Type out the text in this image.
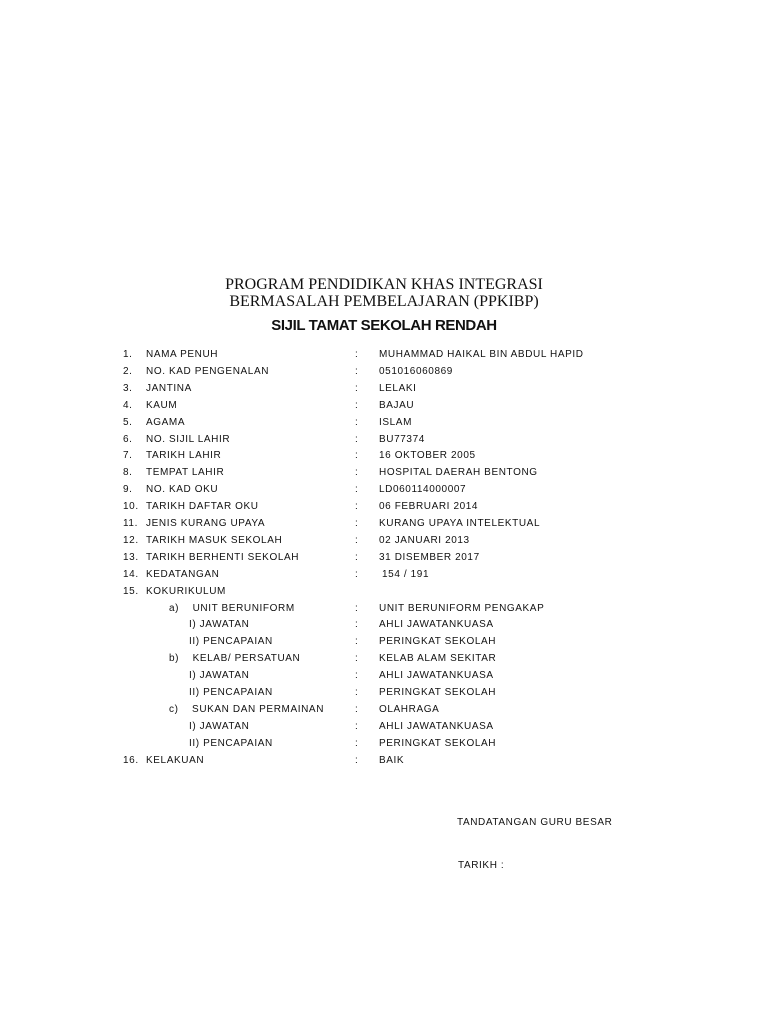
PROGRAM PENDIDIKAN KHAS INTEGRASI
BERMASALAH PEMBELAJARAN (PPKIBP)
SIJIL TAMAT SEKOLAH RENDAH
1. NAMA PENUH	: MUHAMMAD HAIKAL BIN ABDUL HAPID
2. NO. KAD PENGENALAN	: 051016060869
3. JANTINA	: LELAKI
4. KAUM	: BAJAU
5. AGAMA	: ISLAM
6. NO. SIJIL LAHIR	: BU77374
7. TARIKH LAHIR	: 16 OKTOBER 2005
8. TEMPAT LAHIR	: HOSPITAL DAERAH BENTONG
9. NO. KAD OKU	: LD060114000007
10. TARIKH DAFTAR OKU	: 06 FEBRUARI 2014
11. JENIS KURANG UPAYA	: KURANG UPAYA INTELEKTUAL
12. TARIKH MASUK SEKOLAH	: 02 JANUARI 2013
13. TARIKH BERHENTI SEKOLAH	: 31 DISEMBER 2017
14. KEDATANGAN	: 154 / 191
15. KOKURIKULUM
a)    UNIT BERUNIFORM	: UNIT BERUNIFORM PENGAKAP
I) JAWATAN	: AHLI JAWATANKUASA
II) PENCAPAIAN	: PERINGKAT SEKOLAH
b)    KELAB/ PERSATUAN	: KELAB ALAM SEKITAR
I) JAWATAN	: AHLI JAWATANKUASA
II) PENCAPAIAN	: PERINGKAT SEKOLAH
c)    SUKAN DAN PERMAINAN	: OLAHRAGA
I) JAWATAN	: AHLI JAWATANKUASA
II) PENCAPAIAN	: PERINGKAT SEKOLAH
16. KELAKUAN	: BAIK
TANDATANGAN GURU BESAR
TARIKH :
